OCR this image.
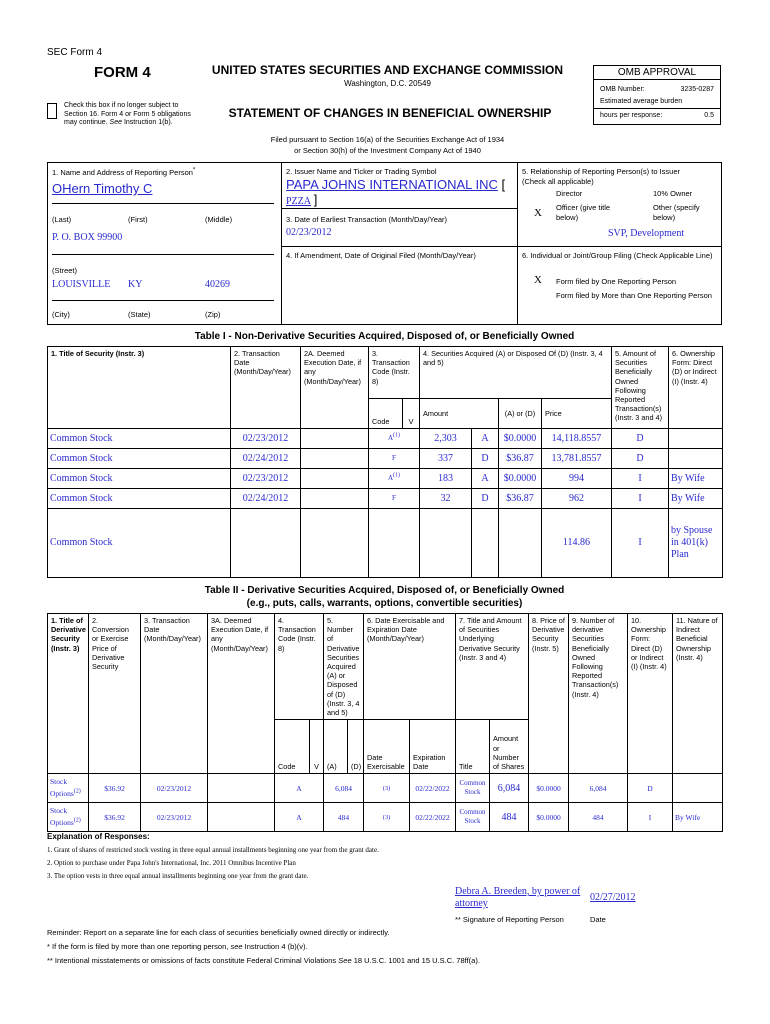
SEC Form 4
FORM 4	UNITED STATES SECURITIES AND EXCHANGE COMMISSION
Washington, D.C. 20549
Check this box if no longer subject to Section 16. Form 4 or Form 5 obligations may continue. See Instruction 1(b).
STATEMENT OF CHANGES IN BENEFICIAL OWNERSHIP
Filed pursuant to Section 16(a) of the Securities Exchange Act of 1934
or Section 30(h) of the Investment Company Act of 1940
OMB APPROVAL
OMB Number:	3235-0287
Estimated average burden
hours per response:	0.5
1. Name and Address of Reporting Person*
OHern Timothy C
(Last)	(First)	(Middle)
P. O. BOX 99900
(Street)
LOUISVILLE KY	40269
(City)	(State)	(Zip)
2. Issuer Name and Ticker or Trading Symbol
PAPA JOHNS INTERNATIONAL INC [
PZZA ]
3. Date of Earliest Transaction (Month/Day/Year)
02/23/2012
4. If Amendment, Date of Original Filed (Month/Day/Year)
5. Relationship of Reporting Person(s) to Issuer
(Check all applicable)
Director	10% Owner
X Officer (give title below)
Other (specify below)
SVP, Development
6. Individual or Joint/Group Filing (Check Applicable Line)
X Form filed by One Reporting Person
Form filed by More than One Reporting Person
Table I - Non-Derivative Securities Acquired, Disposed of, or Beneficially Owned
1. Title of Security (Instr. 3)	2. Transaction Date (Month/Day/Year)	2A. Deemed Execution Date, if any (Month/Day/Year)	3. Transaction Code (Instr. 8)		4. Securities Acquired (A) or Disposed Of (D) (Instr. 3, 4 and 5)				5. Amount of Securities Beneficially Owned Following Reported Transaction(s) (Instr. 3 and 4)	6. Ownership Form: Direct (D) or Indirect (I) (Instr. 4)	
			Code	V	Amount		(A) or (D)	Price			
Common Stock	02/23/2012		$A^{(1)}$		2,303	A	$0.0000	14,118.8557	D		
Common Stock	02/24/2012		F		337	D	$36.87	13,781.8557	D		
Common Stock	02/23/2012		$A^{(1)}$		183	A	$0.0000	994	I	By Wife	
Common Stock	02/24/2012		F		32	D	$36.87	962	I	By Wife	
Common Stock								114.86	I	by Spouse in 401(k) Plan	
Table II - Derivative Securities Acquired, Disposed of, or Beneficially Owned
(e.g., puts, calls, warrants, options, convertible securities)
1. Title of Derivative Security (Instr. 3)	2. Conversion or Exercise Price of Derivative Security	3. Transaction Date (Month/Day/Year)	3A. Deemed Execution Date, if any (Month/Day/Year)	4. Transaction Code (Instr. 8)		5. Number of Derivative Securities Acquired (A) or Disposed of (D) (Instr. 3, 4 and 5)		6. Date Exercisable and Expiration Date (Month/Day/Year)		7. Title and Amount of Securities Underlying Derivative Security (Instr. 3 and 4)		8. Price of Derivative Security (Instr. 5)	9. Number of derivative Securities Beneficially Owned Following Reported Transaction(s) (Instr. 4)	10. Ownership Form: Direct (D) or Indirect (I) (Instr. 4)	11. Nature of Indirect Beneficial Ownership (Instr. 4)
				Code	V	(A)	(D)	Date Exercisable	Expiration Date	Title	Amount or Number of Shares				
Stock Options$^{(2)}$	$36.92	02/23/2012		A		6,084		(3)	02/22/2022	Common Stock	6,084	$0.0000	6,084	D	
Stock Options$^{(2)}$	$36.92	02/23/2012		A		484		(3)	02/22/2022	Common Stock	484	$0.0000	484	I	By Wife
Explanation of Responses:
1. Grant of shares of restricted stock vesting in three equal annual installments beginning one year from the grant date.
2. Option to purchase under Papa John's International, Inc. 2011 Omnibus Incentive Plan
3. The option vests in three equal annual installments beginning one year from the grant date.
Debra A. Breeden, by power of attorney
02/27/2012
** Signature of Reporting Person	Date
Reminder: Report on a separate line for each class of securities beneficially owned directly or indirectly.
* If the form is filed by more than one reporting person, see Instruction 4 (b)(v).
** Intentional misstatements or omissions of facts constitute Federal Criminal Violations See 18 U.S.C. 1001 and 15 U.S.C. 78ff(a).
